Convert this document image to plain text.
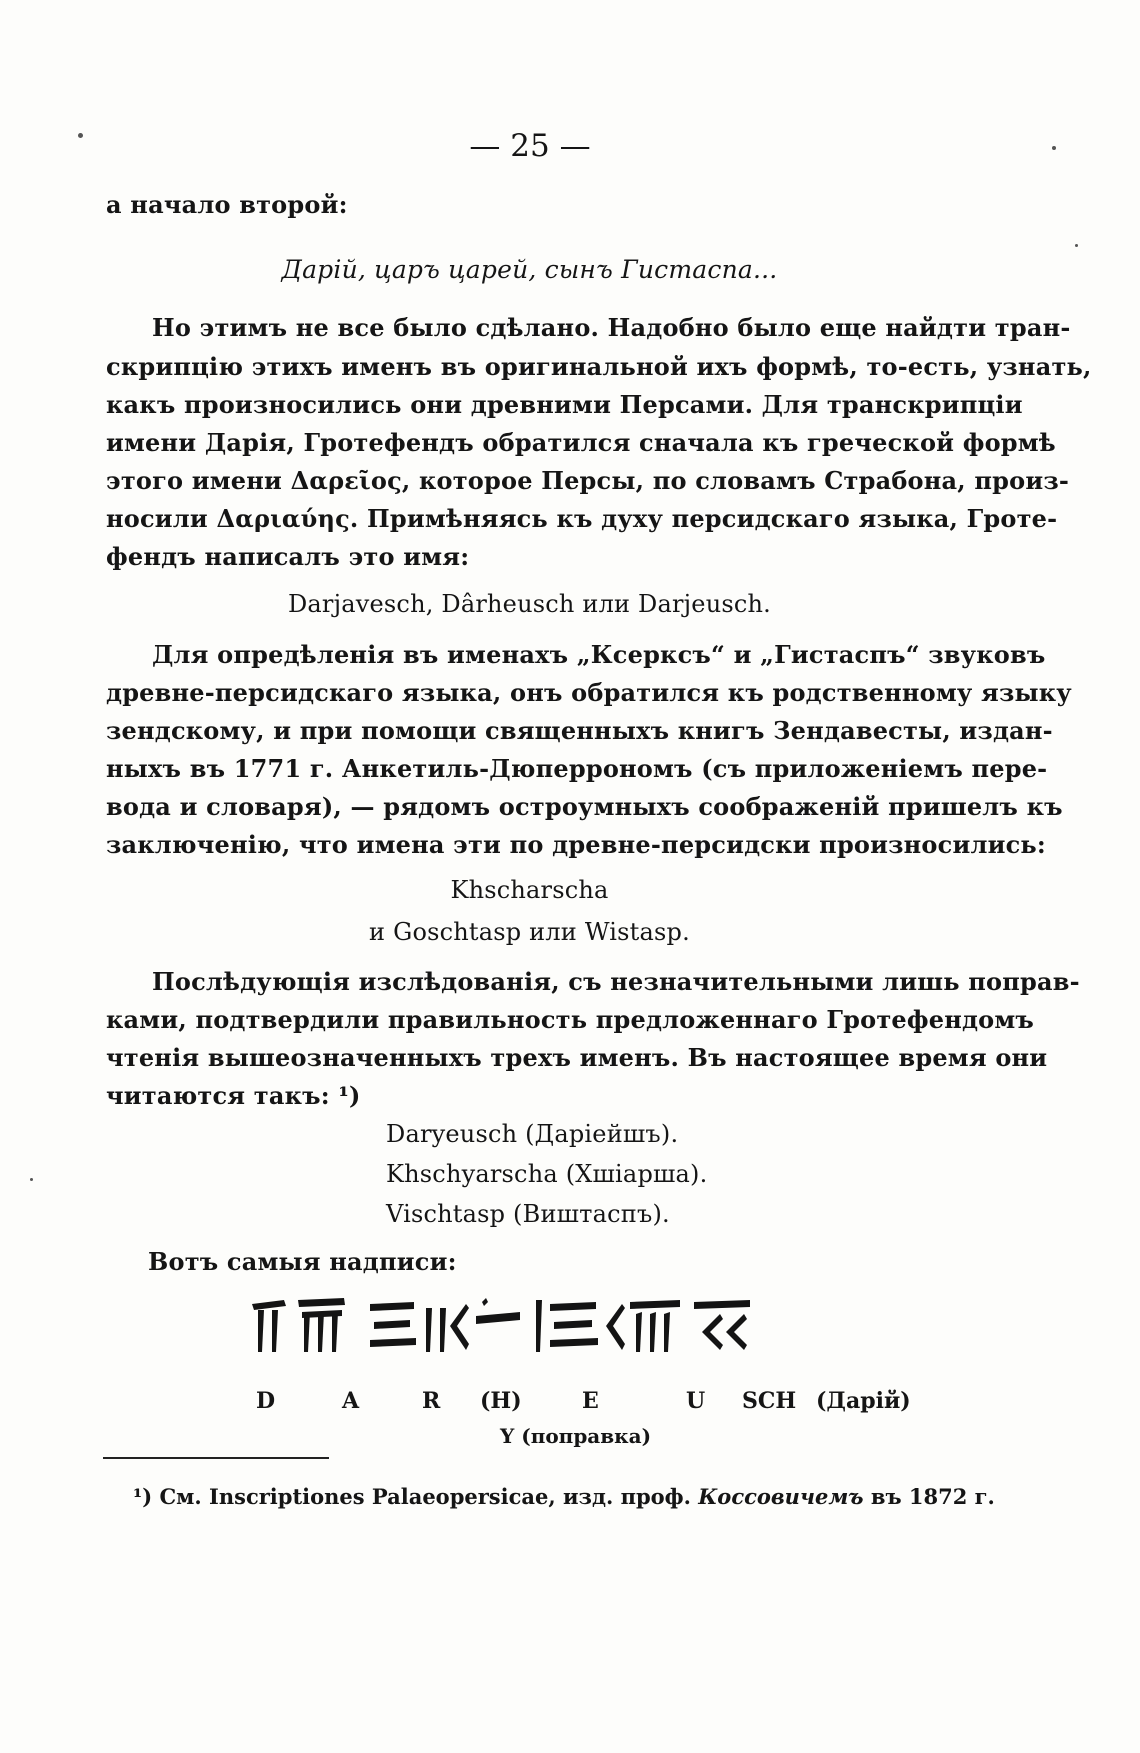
— 25 —
а начало второй:
Дарій, царъ царей, сынъ Гистаспа...
Но этимъ не все было сдѣлано. Надобно было еще найдти тран-
скрипцію этихъ именъ въ оригинальной ихъ формѣ, то-есть, узнать,
какъ произносились они древними Персами. Для транскрипціи
имени Дарія, Гротефендъ обратился сначала къ греческой формѣ
этого имени Δαρεῖος, которое Персы, по словамъ Страбона, произ-
носили Δαριαύης. Примѣняясь къ духу персидскаго языка, Гроте-
фендъ написалъ это имя:
Darjavesch, Dârheusch или Darjeusch.
Для опредѣленія въ именахъ „Ксерксъ“ и „Гистаспъ“ звуковъ
древне-персидскаго языка, онъ обратился къ родственному языку
зендскому, и при помощи священныхъ книгъ Зендавесты, издан-
ныхъ въ 1771 г. Анкетиль-Дюперрономъ (съ приложеніемъ пере-
вода и словаря), — рядомъ остроумныхъ соображеній пришелъ къ
заключенію, что имена эти по древне-персидски произносились:
Khscharscha
и Goschtasp или Wistasp.
Послѣдующія изслѣдованія, съ незначительными лишь поправ-
ками, подтвердили правильность предложеннаго Гротефендомъ
чтенія вышеозначенныхъ трехъ именъ. Въ настоящее время они
читаются такъ: ¹)
Daryeusch (Даріейшъ).
Khschyarscha (Хшіарша).
Vischtasp (Виштаспъ).
Вотъ самыя надписи:
D	A	R (H)	E	U SCH (Дарій)
Y (поправка)
¹) См. Inscriptiones Palaeopersicae, изд. проф. Коссовичемъ въ 1872 г.
